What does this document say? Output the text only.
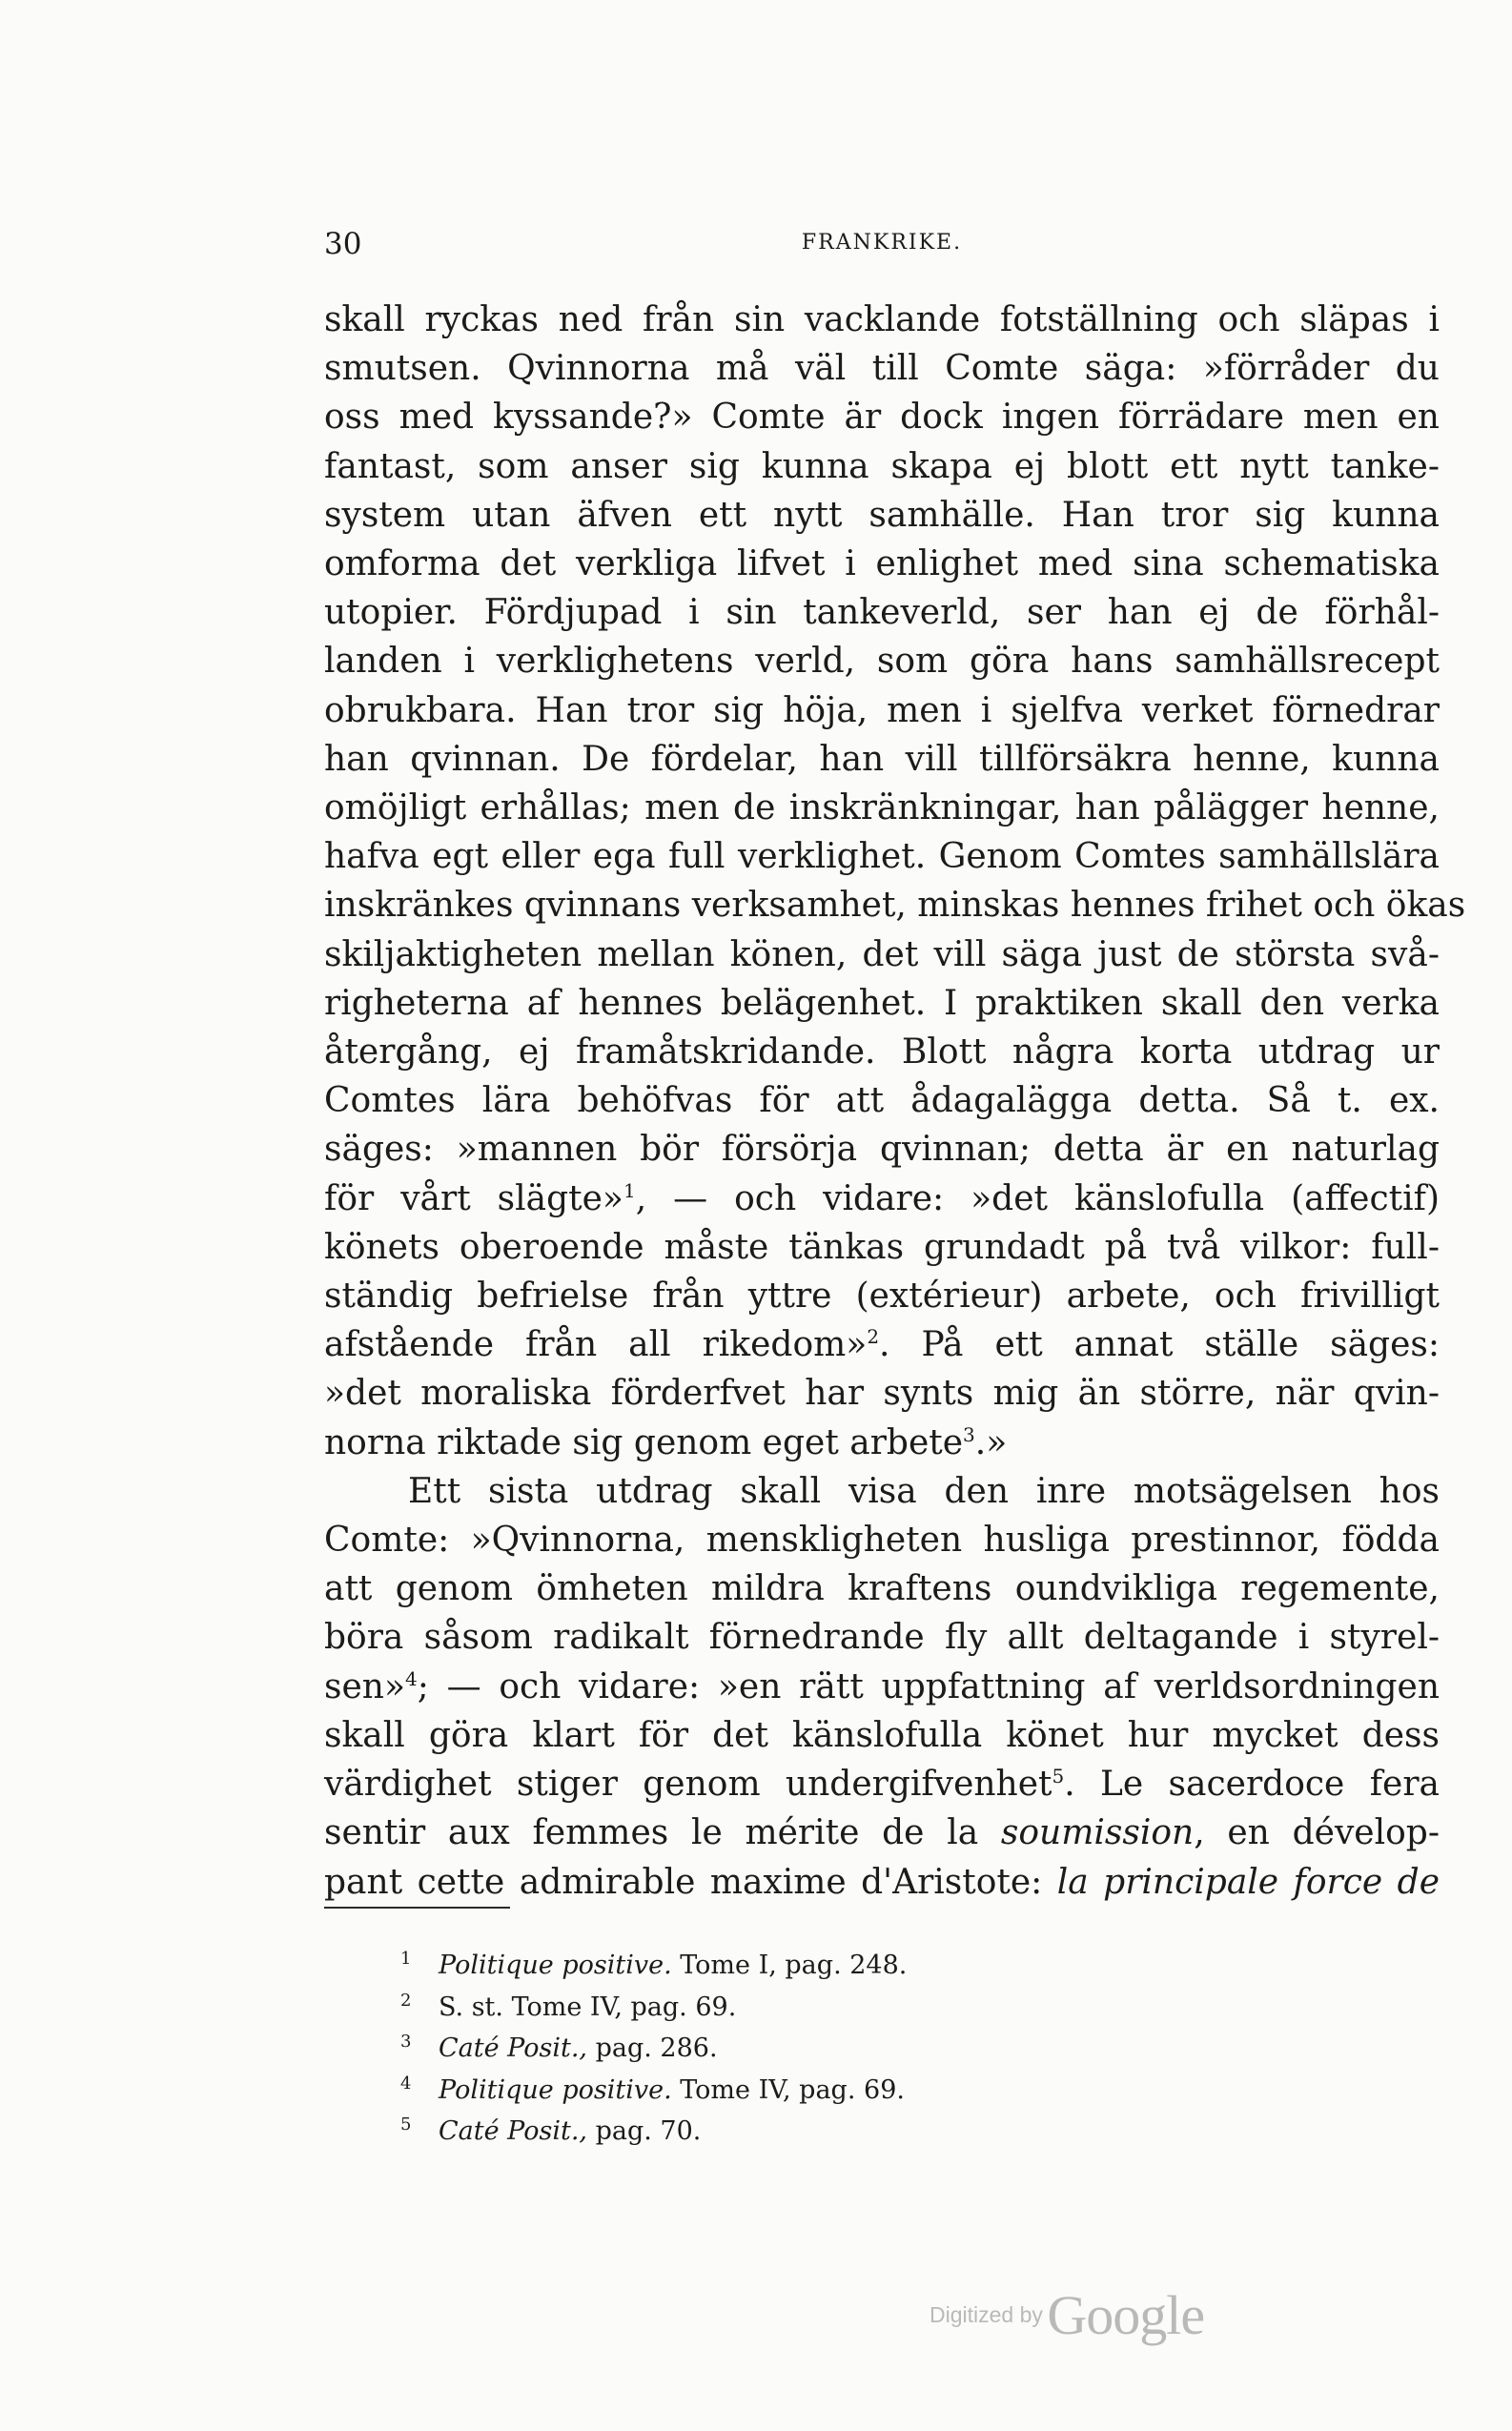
30	FRANKRIKE.
skall ryckas ned från sin vacklande fotställning och släpas i
smutsen. Qvinnorna må väl till Comte säga: »förråder du
oss med kyssande?» Comte är dock ingen förrädare men en
fantast, som anser sig kunna skapa ej blott ett nytt tanke-
system utan äfven ett nytt samhälle. Han tror sig kunna
omforma det verkliga lifvet i enlighet med sina schematiska
utopier. Fördjupad i sin tankeverld, ser han ej de förhål-
landen i verklighetens verld, som göra hans samhällsrecept
obrukbara. Han tror sig höja, men i sjelfva verket förnedrar
han qvinnan. De fördelar, han vill tillförsäkra henne, kunna
omöjligt erhållas; men de inskränkningar, han pålägger henne,
hafva egt eller ega full verklighet. Genom Comtes samhällslära
inskränkes qvinnans verksamhet, minskas hennes frihet och ökas
skiljaktigheten mellan könen, det vill säga just de största svå-
righeterna af hennes belägenhet. I praktiken skall den verka
återgång, ej framåtskridande. Blott några korta utdrag ur
Comtes lära behöfvas för att ådagalägga detta. Så t. ex.
säges: »mannen bör försörja qvinnan; detta är en naturlag
för vårt slägte»$^1$, — och vidare: »det känslofulla (affectif)
könets oberoende måste tänkas grundadt på två vilkor: full-
ständig befrielse från yttre (extérieur) arbete, och frivilligt
afstående från all rikedom»$^2$. På ett annat ställe säges:
»det moraliska förderfvet har synts mig än större, när qvin-
norna riktade sig genom eget arbete$^3$.»
Ett sista utdrag skall visa den inre motsägelsen hos
Comte: »Qvinnorna, menskligheten husliga prestinnor, födda
att genom ömheten mildra kraftens oundvikliga regemente,
böra såsom radikalt förnedrande fly allt deltagande i styrel-
sen»$^4$; — och vidare: »en rätt uppfattning af verldsordningen
skall göra klart för det känslofulla könet hur mycket dess
värdighet stiger genom undergifvenhet$^5$. Le sacerdoce fera
sentir aux femmes le mérite de la soumission, en dévelop-
pant cette admirable maxime d'Aristote: la principale force de
1 Politique positive. Tome I, pag. 248.
2 S. st. Tome IV, pag. 69.
3 Caté Posit., pag. 286.
4 Politique positive. Tome IV, pag. 69.
5 Caté Posit., pag. 70.
Digitized by Google
